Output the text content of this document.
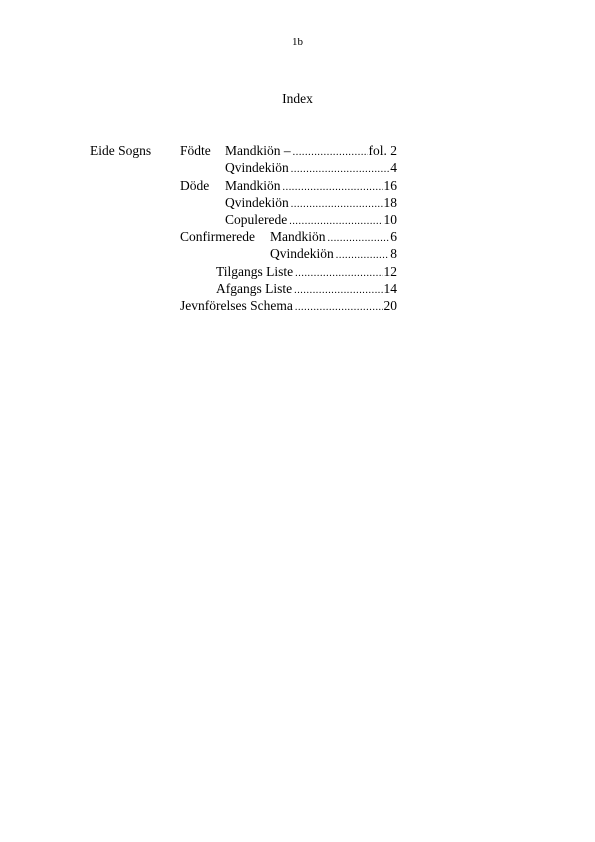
1b
Index
Eide Sogns Födte Mandkiön – .....	fol. 2
Qvindekiön .....	4
Döde Mandkiön .....	16
Qvindekiön .....	18
Copulerede .....	10
Confirmerede Mandkiön .....	6
Qvindekiön .....	8
Tilgangs Liste .....	12
Afgangs Liste .....	14
Jevnförelses Schema .....	20
